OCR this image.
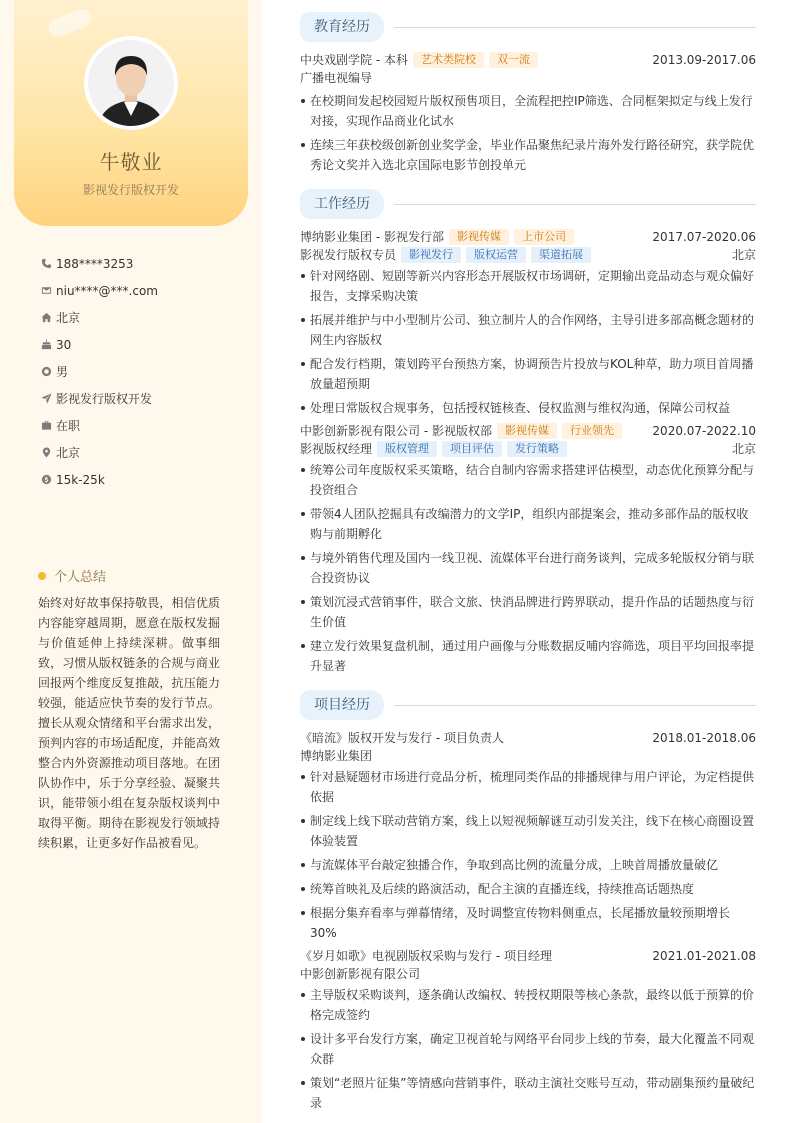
牛敬业
影视发行版权开发
188****3253
niu****@***.com
北京
30
男
影视发行版权开发
在职
北京
15k-25k
个人总结
始终对好故事保持敬畏，相信优质内容能穿越周期，愿意在版权发掘与价值延伸上持续深耕。做事细致，习惯从版权链条的合规与商业回报两个维度反复推敲，抗压能力较强，能适应快节奏的发行节点。擅长从观众情绪和平台需求出发，预判内容的市场适配度，并能高效整合内外资源推动项目落地。在团队协作中，乐于分享经验、凝聚共识，能带领小组在复杂版权谈判中取得平衡。期待在影视发行领域持续积累，让更多好作品被看见。
教育经历
中央戏剧学院 - 本科	艺术类院校	双一流	2013.09-2017.06
广播电视编导
在校期间发起校园短片版权预售项目，全流程把控IP筛选、合同框架拟定与线上发行对接，实现作品商业化试水
连续三年获校级创新创业奖学金，毕业作品聚焦纪录片海外发行路径研究，获学院优秀论文奖并入选北京国际电影节创投单元
工作经历
博纳影业集团 - 影视发行部	影视传媒	上市公司	2017.07-2020.06
影视发行版权专员	影视发行	版权运营	渠道拓展	北京
针对网络剧、短剧等新兴内容形态开展版权市场调研，定期输出竞品动态与观众偏好报告，支撑采购决策
拓展并维护与中小型制片公司、独立制片人的合作网络，主导引进多部高概念题材的网生内容版权
配合发行档期，策划跨平台预热方案，协调预告片投放与KOL种草，助力项目首周播放量超预期
处理日常版权合规事务，包括授权链核查、侵权监测与维权沟通，保障公司权益
中影创新影视有限公司 - 影视版权部	影视传媒	行业领先	2020.07-2022.10
影视版权经理	版权管理	项目评估	发行策略	北京
统筹公司年度版权采买策略，结合自制内容需求搭建评估模型，动态优化预算分配与投资组合
带领4人团队挖掘具有改编潜力的文学IP，组织内部提案会，推动多部作品的版权收购与前期孵化
与境外销售代理及国内一线卫视、流媒体平台进行商务谈判，完成多轮版权分销与联合投资协议
策划沉浸式营销事件，联合文旅、快消品牌进行跨界联动，提升作品的话题热度与衍生价值
建立发行效果复盘机制，通过用户画像与分账数据反哺内容筛选，项目平均回报率提升显著
项目经历
《暗流》版权开发与发行 - 项目负责人	2018.01-2018.06
博纳影业集团
针对悬疑题材市场进行竞品分析，梳理同类作品的排播规律与用户评论，为定档提供依据
制定线上线下联动营销方案，线上以短视频解谜互动引发关注，线下在核心商圈设置体验装置
与流媒体平台敲定独播合作，争取到高比例的流量分成，上映首周播放量破亿
统筹首映礼及后续的路演活动，配合主演的直播连线，持续推高话题热度
根据分集弃看率与弹幕情绪，及时调整宣传物料侧重点，长尾播放量较预期增长30%
《岁月如歌》电视剧版权采购与发行 - 项目经理	2021.01-2021.08
中影创新影视有限公司
主导版权采购谈判，逐条确认改编权、转授权期限等核心条款，最终以低于预算的价格完成签约
设计多平台发行方案，确定卫视首轮与网络平台同步上线的节奏，最大化覆盖不同观众群
策划“老照片征集”等情感向营销事件，联动主演社交账号互动，带动剧集预约量破纪录
